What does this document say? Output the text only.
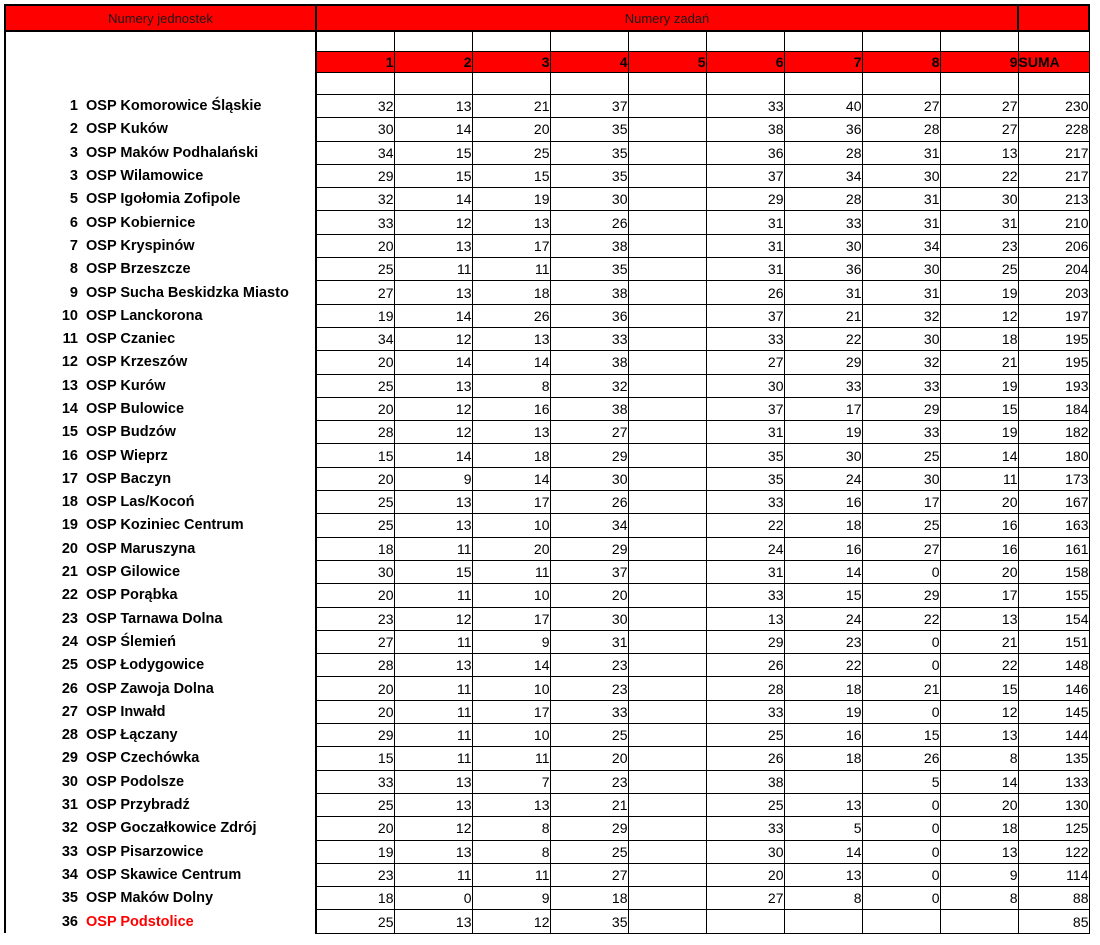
Numery jednostek	Numery zadań									

	1	2	3	4	5	6	7	8	9	SUMA

1 OSP Komorowice Śląskie	32	13	21	37		33	40	27	27	230
2 OSP Kuków	30	14	20	35		38	36	28	27	228
3 OSP Maków Podhalański	34	15	25	35		36	28	31	13	217
3 OSP Wilamowice	29	15	15	35		37	34	30	22	217
5 OSP Igołomia Zofipole	32	14	19	30		29	28	31	30	213
6 OSP Kobiernice	33	12	13	26		31	33	31	31	210
7 OSP Kryspinów	20	13	17	38		31	30	34	23	206
8 OSP Brzeszcze	25	11	11	35		31	36	30	25	204
9 OSP Sucha Beskidzka Miasto	27	13	18	38		26	31	31	19	203
10 OSP Lanckorona	19	14	26	36		37	21	32	12	197
11 OSP Czaniec	34	12	13	33		33	22	30	18	195
12 OSP Krzeszów	20	14	14	38		27	29	32	21	195
13 OSP Kurów	25	13	8	32		30	33	33	19	193
14 OSP Bulowice	20	12	16	38		37	17	29	15	184
15 OSP Budzów	28	12	13	27		31	19	33	19	182
16 OSP Wieprz	15	14	18	29		35	30	25	14	180
17 OSP Baczyn	20	9	14	30		35	24	30	11	173
18 OSP Las/Kocoń	25	13	17	26		33	16	17	20	167
19 OSP Koziniec Centrum	25	13	10	34		22	18	25	16	163
20 OSP Maruszyna	18	11	20	29		24	16	27	16	161
21 OSP Gilowice	30	15	11	37		31	14	0	20	158
22 OSP Porąbka	20	11	10	20		33	15	29	17	155
23 OSP Tarnawa Dolna	23	12	17	30		13	24	22	13	154
24 OSP Ślemień	27	11	9	31		29	23	0	21	151
25 OSP Łodygowice	28	13	14	23		26	22	0	22	148
26 OSP Zawoja Dolna	20	11	10	23		28	18	21	15	146
27 OSP Inwałd	20	11	17	33		33	19	0	12	145
28 OSP Łączany	29	11	10	25		25	16	15	13	144
29 OSP Czechówka	15	11	11	20		26	18	26	8	135
30 OSP Podolsze	33	13	7	23		38		5	14	133
31 OSP Przybradź	25	13	13	21		25	13	0	20	130
32 OSP Goczałkowice Zdrój	20	12	8	29		33	5	0	18	125
33 OSP Pisarzowice	19	13	8	25		30	14	0	13	122
34 OSP Skawice Centrum	23	11	11	27		20	13	0	9	114
35 OSP Maków Dolny	18	0	9	18		27	8	0	8	88
36 OSP Podstolice	25	13	12	35						85
